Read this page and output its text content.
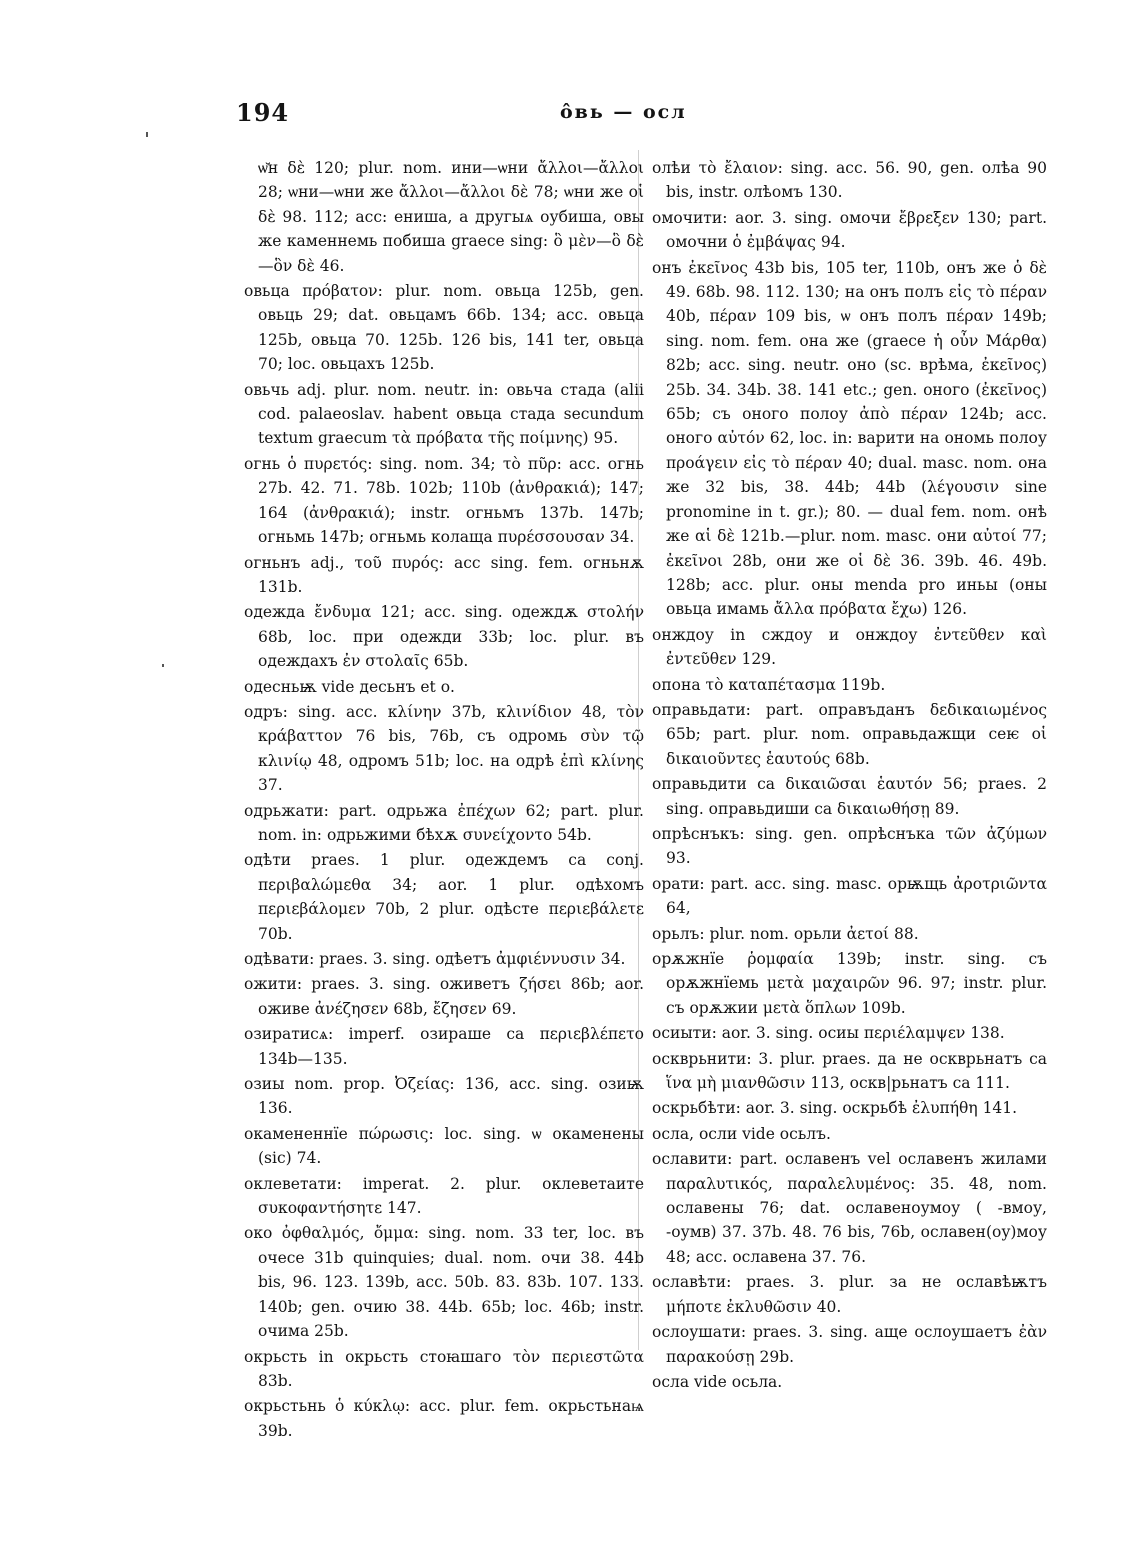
194	о̂вь — осл

ѡ̆н δὲ 120; plur. nom. ини—ѡни ἄλλοι—ἄλλοι 28; ѡни—ѡни же ἄλλοι—ἄλλοι δὲ 78; ѡни же οἱ δὲ 98. 112; acc: ениша, а другыѧ оубиша, овы же каменнемь побиша graece sing: ὃ μὲν—ὃ δὲ—ὃν δὲ 46.

овьца πρόβατον: plur. nom. овьца 125b, gen. овьць 29; dat. овьцамъ 66b. 134; acc. овьца 125b, овьца 70. 125b. 126 bis, 141 ter, овьца 70; loc. овьцахъ 125b.

овьчь adj. plur. nom. neutr. in: овьча стада (alii cod. palaeoslav. habent овьца стада secundum textum graecum τὰ πρόβατα τῆς ποίμνης) 95.

огнь ὁ πυρετός: sing. nom. 34; τὸ πῦρ: acc. огнь 27b. 42. 71. 78b. 102b; 110b (ἀνθρακιά); 147; 164 (ἀνθρακιά); instr. огньмъ 137b. 147b; огньмь 147b; огньмь колаща πυρέσσουσαν 34.

огньнъ adj., τοῦ πυρός: acc sing. fem. огньнѫ 131b.

одежда ἔνδυμα 121; acc. sing. одеждѫ στολήν 68b, loc. при одежди 33b; loc. plur. въ одеждахъ ἐν στολαῖς 65b.

одесньѭ vide десьнъ et о.

одръ: sing. acc. κλίνην 37b, κλινίδιον 48, τὸν κράβαττον 76 bis, 76b, съ одромь σὺν τῷ κλινίῳ 48, одромъ 51b; loc. на одрѣ ἐπὶ κλίνης 37.

одрьжати: part. одрьжа ἐπέχων 62; part. plur. nom. in: одрьжими бѣхѫ συνείχοντο 54b.

одѣти praes. 1 plur. одеждемъ са conj. περιβαλώμεθα 34; aor. 1 plur. одѣхомъ περιεβάλομεν 70b, 2 plur. одѣсте περιεβάλετε 70b.

одѣвати: praes. 3. sing. одѣетъ ἀμφιέννυσιν 34.

ожити: praes. 3. sing. оживетъ ζήσει 86b; aor. оживе ἀνέζησεν 68b, ἔζησεν 69.

озиратисѧ: imperf. озираше са περιεβλέπετο 134b—135.

озиы nom. prop. Ὀζείας: 136, acc. sing. озиѭ 136.

окамененнїе πώρωσις: loc. sing. ѡ окаменены (sic) 74.

оклеветати: imperat. 2. plur. оклеветаите συκοφαντήσητε 147.

око ὀφθαλμός, ὄμμα: sing. nom. 33 ter, loc. въ очесе 31b quinquies; dual. nom. очи 38. 44b bis, 96. 123. 139b, acc. 50b. 83. 83b. 107. 133. 140b; gen. очию 38. 44b. 65b; loc. 46b; instr. очима 25b.

окрьсть in окрьсть стоꙗшаго τὸν περιεστῶτα 83b.

окрьстьнь ὁ κύκλῳ: acc. plur. fem. окрьстьнаѩ 39b.

олѣи τὸ ἔλαιον: sing. acc. 56. 90, gen. олѣа 90 bis, instr. олѣомъ 130.

омочити: aor. 3. sing. омочи ἔβρεξεν 130; part. омочни ὁ ἐμβάψας 94.

онъ ἐκεῖνος 43b bis, 105 ter, 110b, онъ же ὁ δὲ 49. 68b. 98. 112. 130; на онъ полъ εἰς τὸ πέραν 40b, πέραν 109 bis, ѡ онъ полъ πέραν 149b; sing. nom. fem. она же (graece ἡ οὖν Μάρθα) 82b; acc. sing. neutr. оно (sc. врѣма, ἐκεῖνος) 25b. 34. 34b. 38. 141 etc.; gen. оного (ἐκεῖνος) 65b; съ оного полоу ἀπὸ πέραν 124b; acc. оного αὐτόν 62, loc. in: варити на ономь полоу προάγειν εἰς τὸ πέραν 40; dual. masc. nom. она же 32 bis, 38. 44b; 44b (λέγουσιν sine pronomine in t. gr.); 80. — dual fem. nom. онѣ же αἱ δὲ 121b.—plur. nom. masc. они αὐτοί 77; ἐκεῖνοι 28b, они же οἱ δὲ 36. 39b. 46. 49b. 128b; acc. plur. оны menda pro иньы (оны овьца имамь ἄλλα πρόβατα ἔχω) 126.

онждоу in сждоу и онждоу ἐντεῦθεν καὶ ἐντεῦθεν 129.

опона τὸ καταπέτασμα 119b.

оправьдати: part. оправъданъ δεδικαιωμένος 65b; part. plur. nom. оправьдажщи сеѥ οἱ δικαιοῦντες ἑαυτούς 68b.

оправьдити са δικαιῶσαι ἑαυτόν 56; praes. 2 sing. оправьдиши са δικαιωθήσῃ 89.

опрѣснъкъ: sing. gen. опрѣснъка τῶν ἀζύμων 93.

орати: part. acc. sing. masc. орѭщь ἀροτριῶντα 64,

орьлъ: plur. nom. орьли ἀετοί 88.

орѫжнїе ῥομφαία 139b; instr. sing. съ орѫжнїемь μετὰ μαχαιρῶν 96. 97; instr. plur. съ орѫжии μετὰ ὅπλων 109b.

осиыти: aor. 3. sing. осиы περιέλαμψεν 138.

оскврьнити: 3. plur. praes. да не оскврьнатъ са ἵνα μὴ μιανθῶσιν 113, оскв|рьнатъ са 111.

оскрьбѣти: aor. 3. sing. оскрьбѣ ἐλυπήθη 141.

осла, осли vide осьлъ.

ославити: part. ославенъ vel ославенъ жилами παραλυτικός, παραλελυμένος: 35. 48, nom. ославены 76; dat. ославеноумоу ( -вмоу, -оумв) 37. 37b. 48. 76 bis, 76b, ославен(оу)моу 48; acc. ославена 37. 76.

ославѣти: praes. 3. plur. за не ославѣѭтъ μήποτε ἐκλυθῶσιν 40.

ослоушати: praes. 3. sing. аще ослоушаетъ ἐὰν παρακούσῃ 29b.

осла vide осьла.
